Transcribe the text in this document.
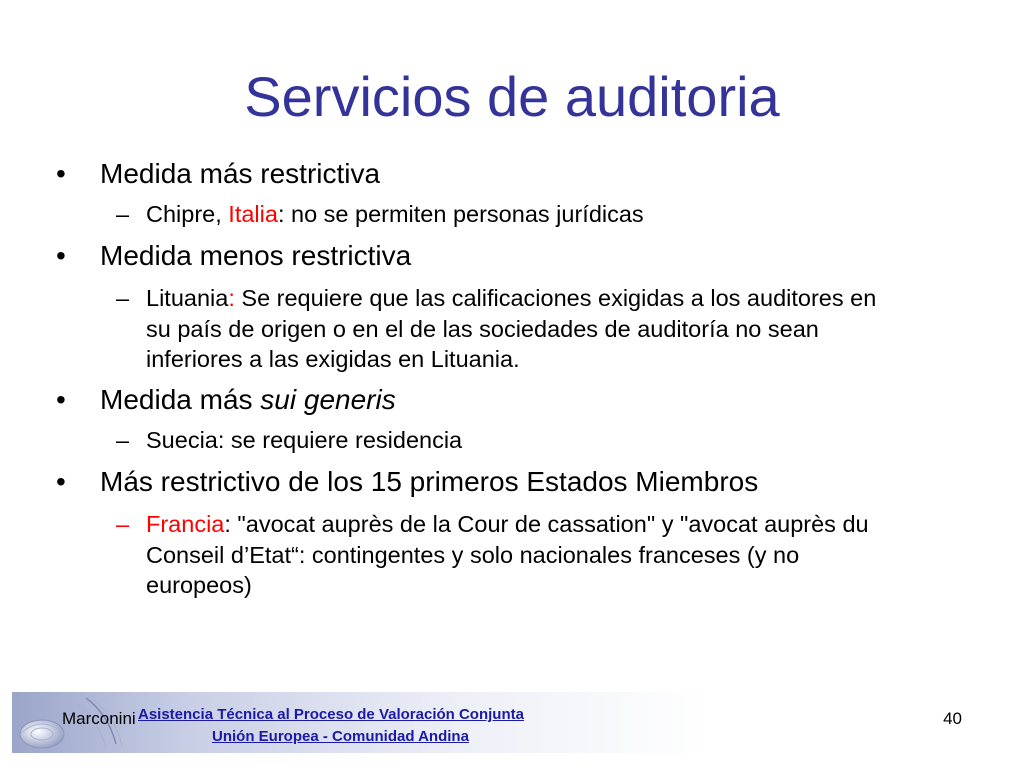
Servicios de auditoria
• Medida más restrictiva
– Chipre, Italia: no se permiten personas jurídicas
• Medida menos restrictiva
– Lituania: Se requiere que las calificaciones exigidas a los auditores en su país de origen o en el de las sociedades de auditoría no sean inferiores a las exigidas en Lituania.
• Medida más sui generis
– Suecia: se requiere residencia
• Más restrictivo de los 15 primeros Estados Miembros
– Francia: "avocat auprès de la Cour de cassation" y "avocat auprès du Conseil d’Etat“: contingentes y solo nacionales franceses (y no europeos)
Marconini Asistencia Técnica al Proceso de Valoración Conjunta
Unión Europea - Comunidad Andina
40
